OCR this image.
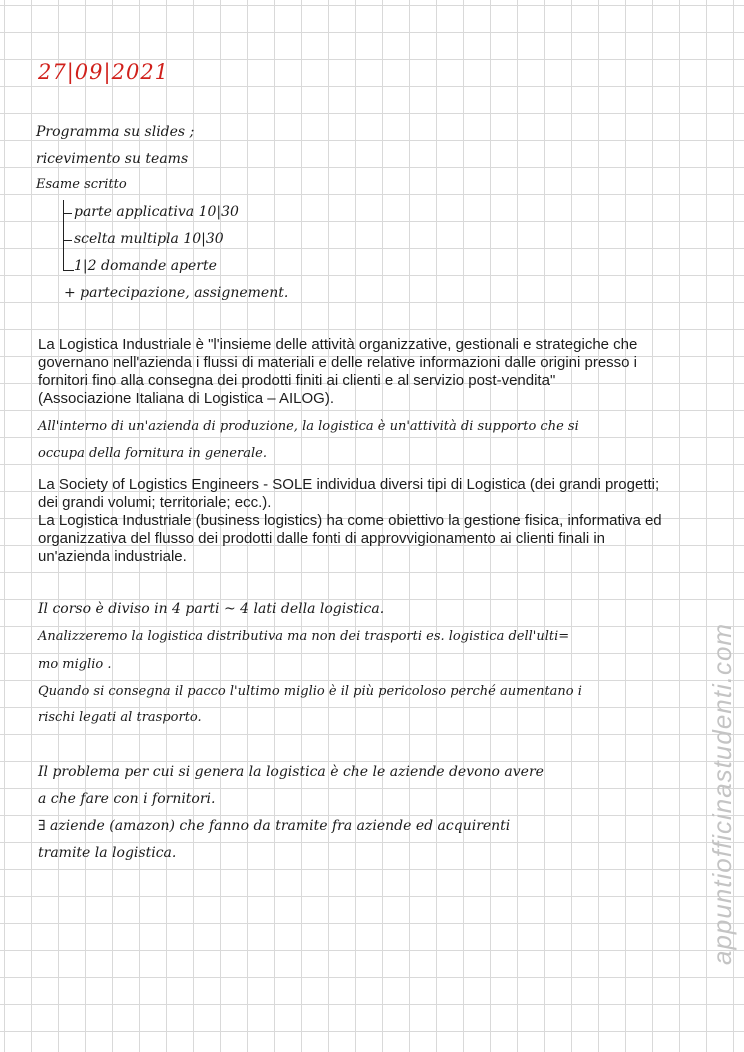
27|09|2021
Programma su slides ;
ricevimento su teams
Esame scritto
parte applicativa 10|30
scelta multipla 10|30
1|2 domande aperte
+ partecipazione, assignement.
La Logistica Industriale è "l'insieme delle attività organizzative, gestionali e strategiche che
governano nell'azienda i flussi di materiali e delle relative informazioni dalle origini presso i
fornitori fino alla consegna dei prodotti finiti ai clienti e al servizio post-vendita"
(Associazione Italiana di Logistica – AILOG).
All'interno di un'azienda di produzione, la logistica è un'attività di supporto che si
occupa della fornitura in generale.
La Society of Logistics Engineers - SOLE individua diversi tipi di Logistica (dei grandi progetti;
dei grandi volumi; territoriale; ecc.).
La Logistica Industriale (business logistics) ha come obiettivo la gestione fisica, informativa ed
organizzativa del flusso dei prodotti dalle fonti di approvvigionamento ai clienti finali in
un'azienda industriale.
Il corso è diviso in 4 parti ~ 4 lati della logistica.
Analizzeremo la logistica distributiva ma non dei trasporti es. logistica dell'ulti=
mo miglio .
Quando si consegna il pacco l'ultimo miglio è il più pericoloso perché aumentano i
rischi legati al trasporto.
Il problema per cui si genera la logistica è che le aziende devono avere
a che fare con i fornitori.
∃ aziende (amazon) che fanno da tramite fra aziende ed acquirenti
tramite la logistica.	appuntiofficinastudenti.com
